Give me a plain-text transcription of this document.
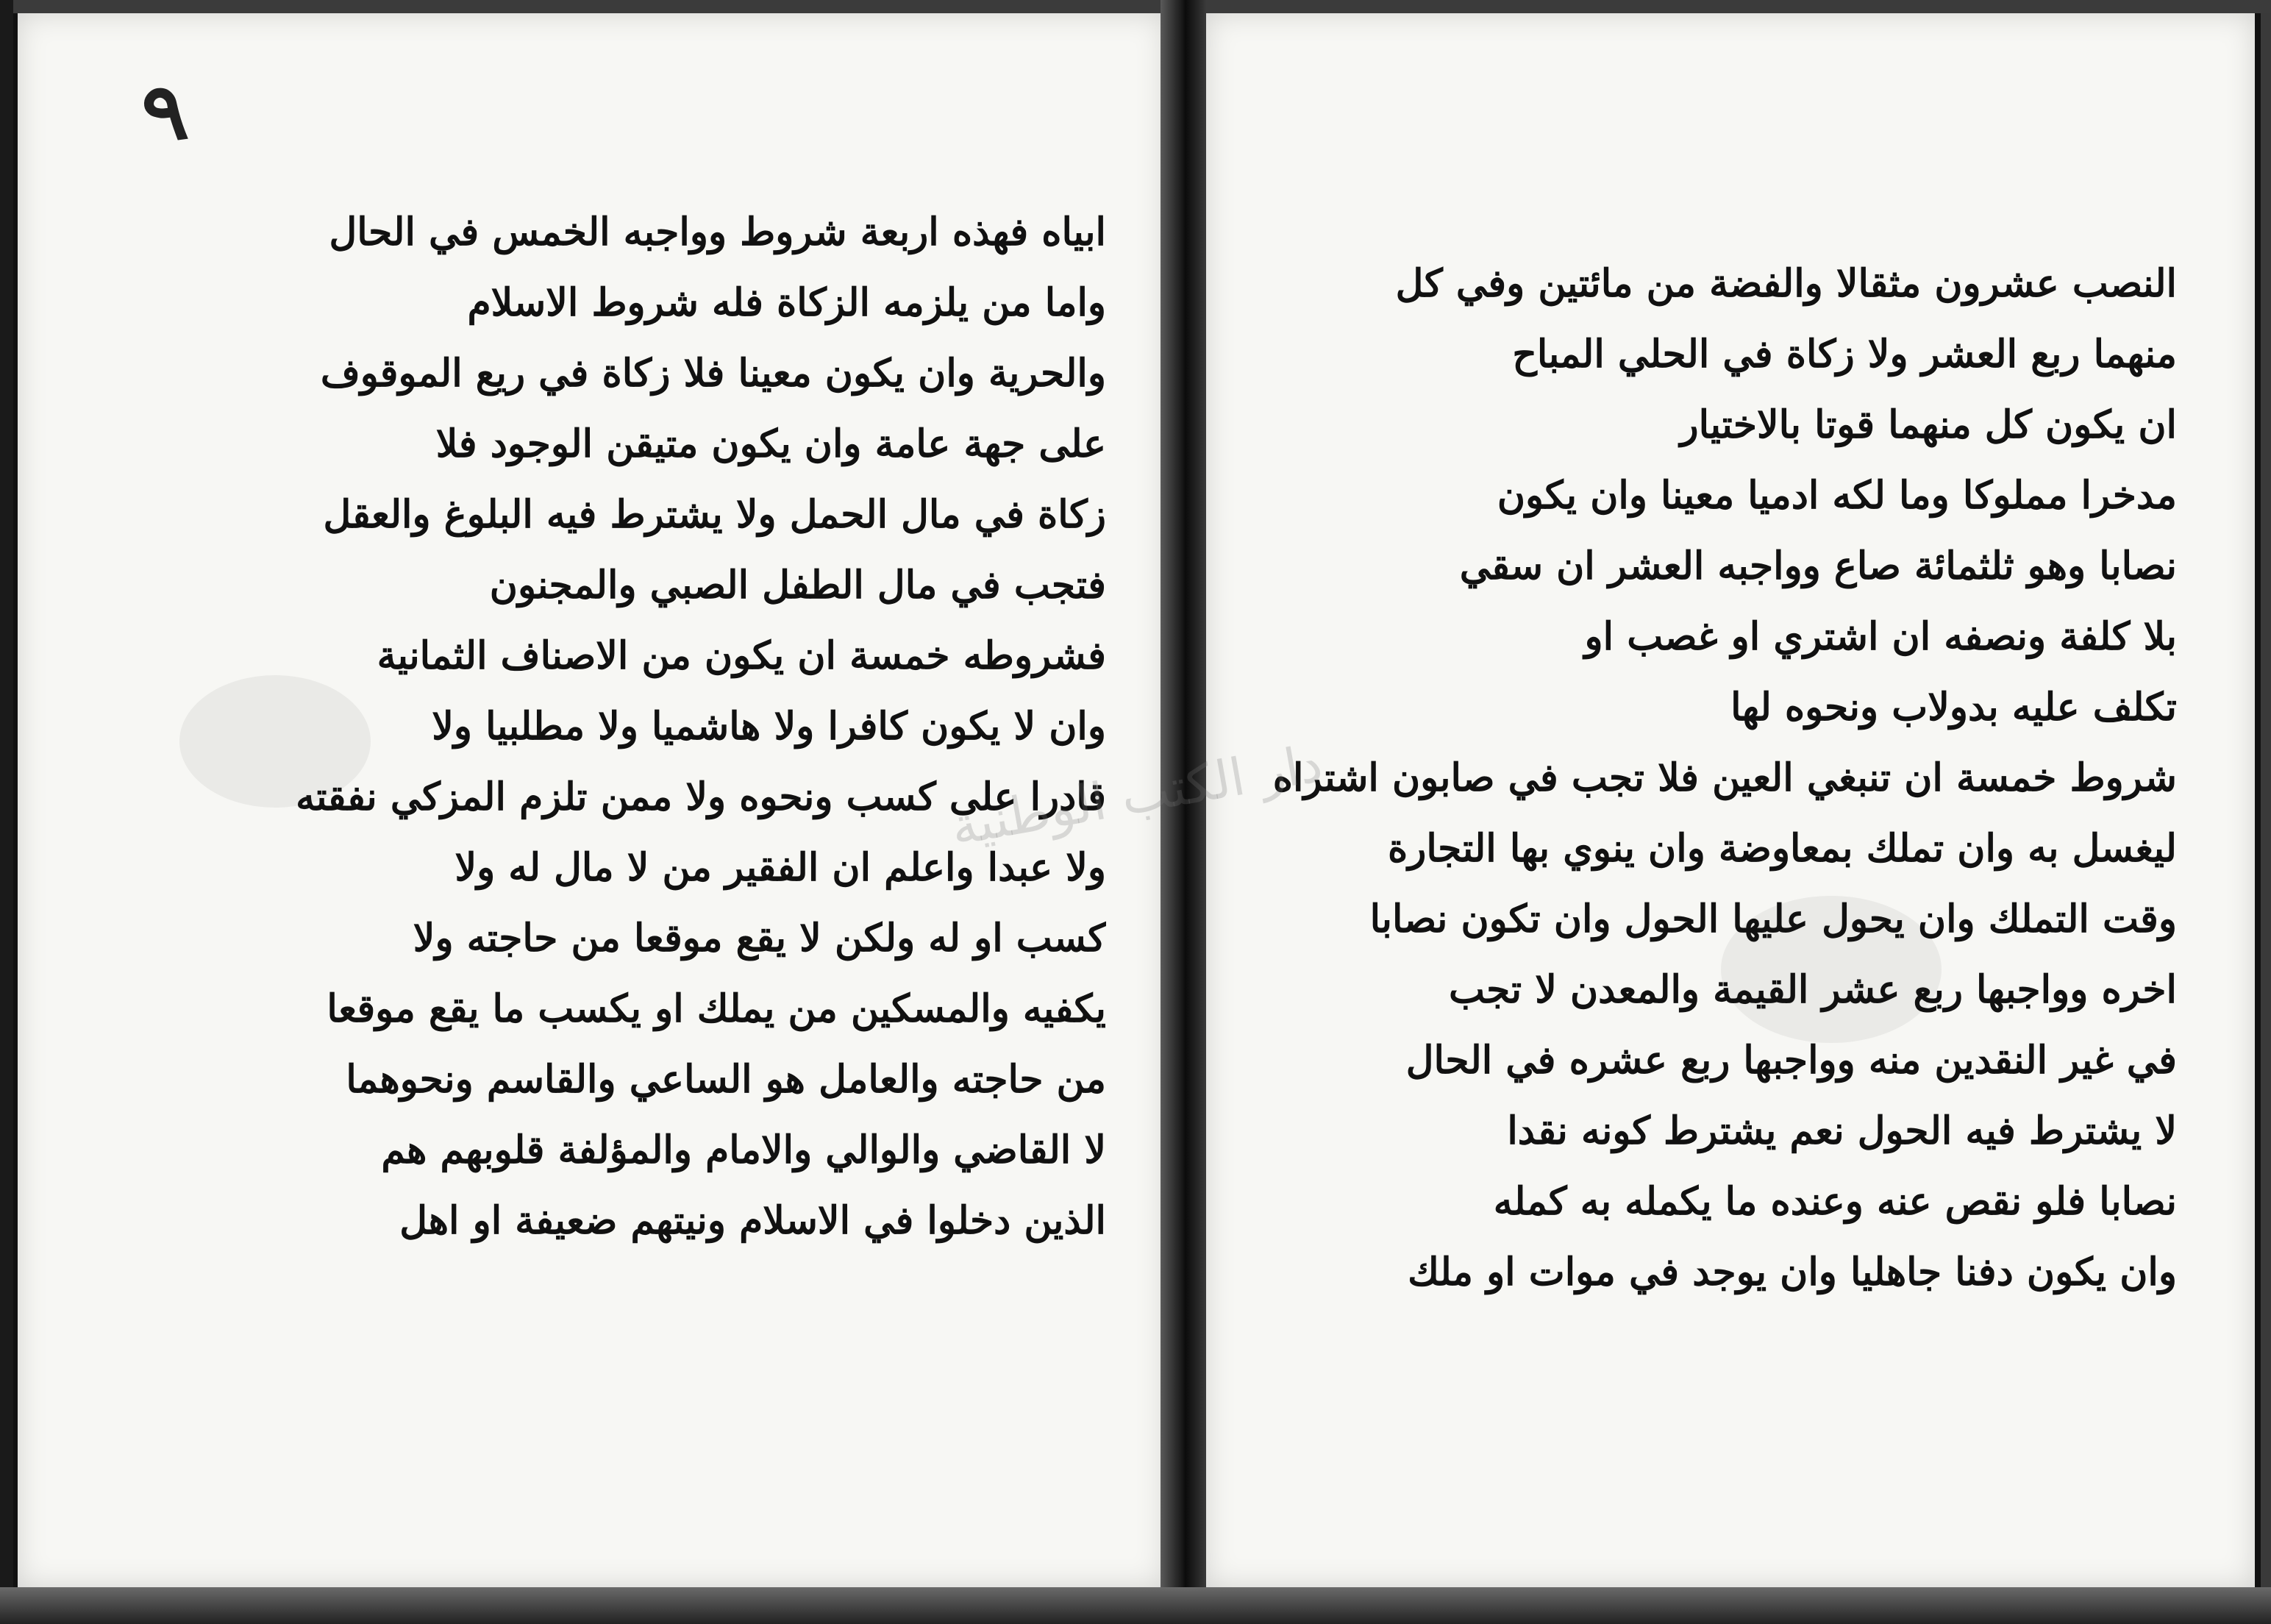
٩
ابياه فهذه اربعة شروط وواجبه الخمس في الحال
واما من يلزمه الزكاة فله شروط الاسلام
والحرية وان يكون معينا فلا زكاة في ريع الموقوف
على جهة عامة وان يكون متيقن الوجود فلا
زكاة في مال الحمل ولا يشترط فيه البلوغ والعقل
فتجب في مال الطفل الصبي والمجنون
فشروطه خمسة ان يكون من الاصناف الثمانية
وان لا يكون كافرا ولا هاشميا ولا مطلبيا ولا
قادرا على كسب ونحوه ولا ممن تلزم المزكي نفقته
ولا عبدا واعلم ان الفقير من لا مال له ولا
كسب او له ولكن لا يقع موقعا من حاجته ولا
يكفيه والمسكين من يملك او يكسب ما يقع موقعا
من حاجته والعامل هو الساعي والقاسم ونحوهما
لا القاضي والوالي والامام والمؤلفة قلوبهم هم
الذين دخلوا في الاسلام ونيتهم ضعيفة او اهل
النصب عشرون مثقالا والفضة من مائتين وفي كل
منهما ربع العشر ولا زكاة في الحلي المباح
ان يكون كل منهما قوتا بالاختيار
مدخرا مملوكا وما لكه ادميا معينا وان يكون
نصابا وهو ثلثمائة صاع وواجبه العشر ان سقي
بلا كلفة ونصفه ان اشتري او غصب او
تكلف عليه بدولاب ونحوه لها
شروط خمسة ان تنبغي العين فلا تجب في صابون اشتراه
ليغسل به وان تملك بمعاوضة وان ينوي بها التجارة
وقت التملك وان يحول عليها الحول وان تكون نصابا
اخره وواجبها ربع عشر القيمة والمعدن لا تجب
في غير النقدين منه وواجبها ربع عشره في الحال
لا يشترط فيه الحول نعم يشترط كونه نقدا
نصابا فلو نقص عنه وعنده ما يكمله به كمله
وان يكون دفنا جاهليا وان يوجد في موات او ملك
دار الكتب الوطنية
